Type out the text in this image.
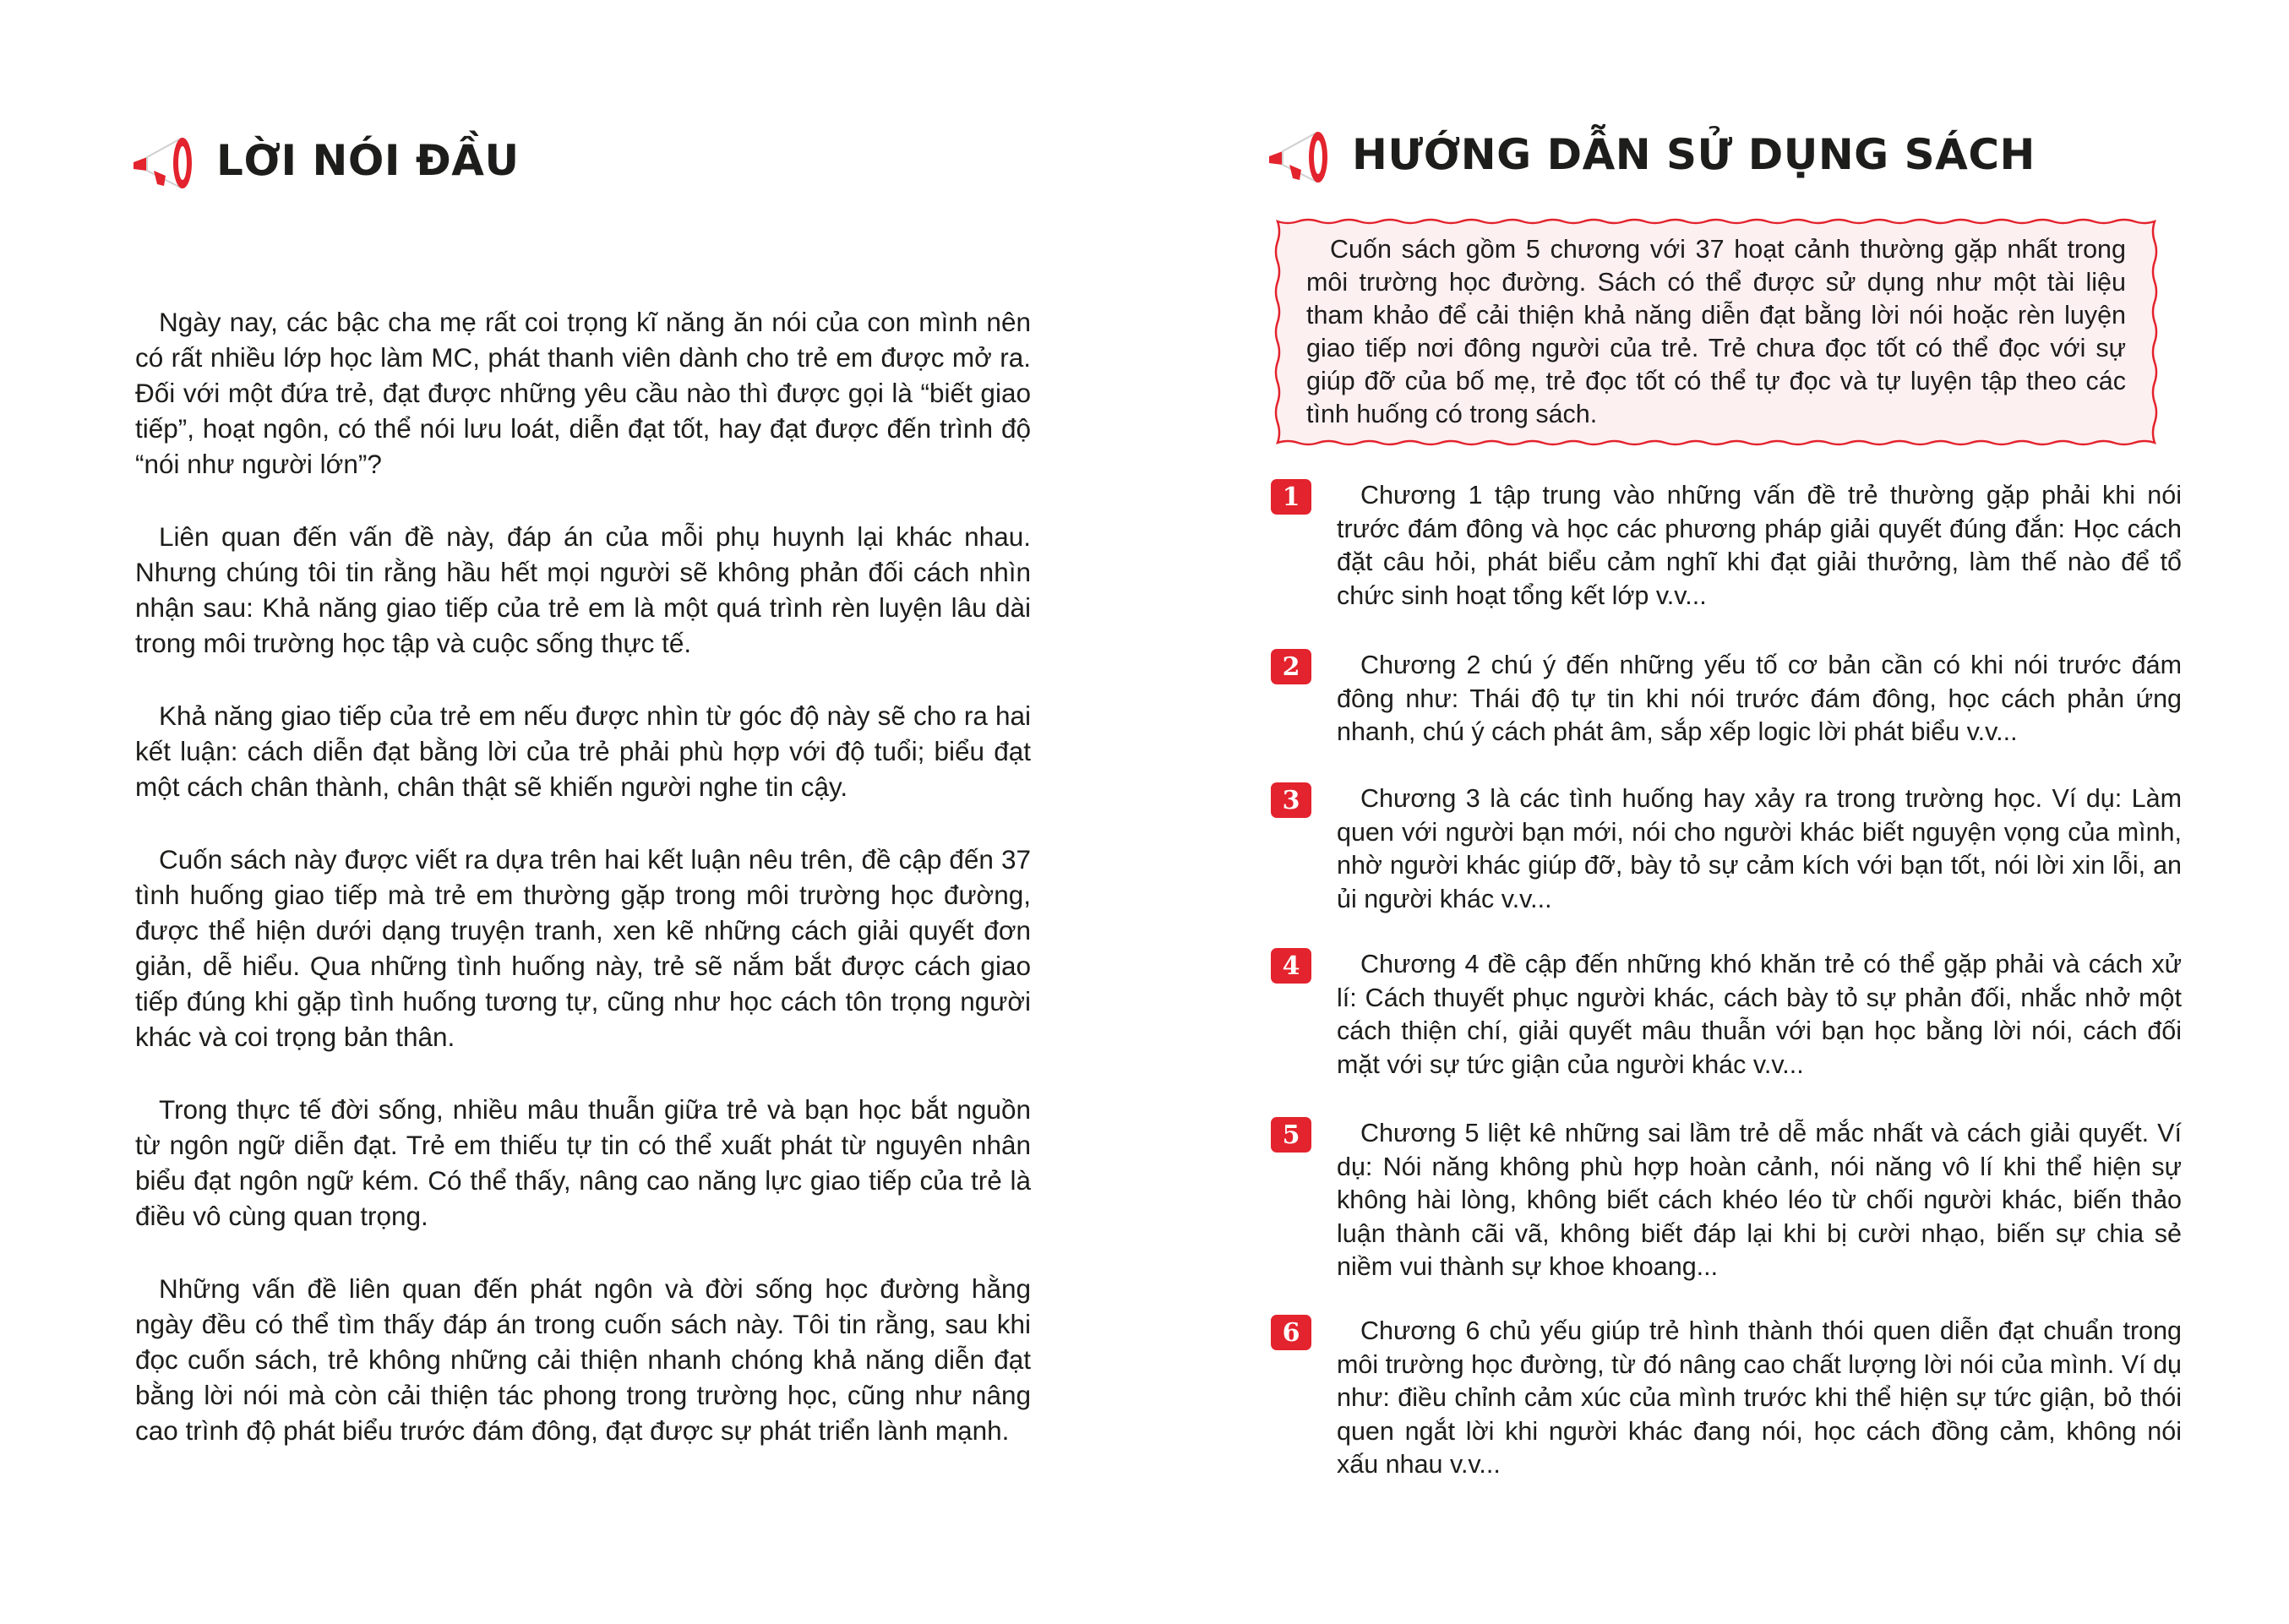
LỜI NÓI ĐẦU

Ngày nay, các bậc cha mẹ rất coi trọng kĩ năng ăn nói của con mình nên có rất nhiều lớp học làm MC, phát thanh viên dành cho trẻ em được mở ra. Đối với một đứa trẻ, đạt được những yêu cầu nào thì được gọi là “biết giao tiếp”, hoạt ngôn, có thể nói lưu loát, diễn đạt tốt, hay đạt được đến trình độ “nói như người lớn”?

Liên quan đến vấn đề này, đáp án của mỗi phụ huynh lại khác nhau. Nhưng chúng tôi tin rằng hầu hết mọi người sẽ không phản đối cách nhìn nhận sau: Khả năng giao tiếp của trẻ em là một quá trình rèn luyện lâu dài trong môi trường học tập và cuộc sống thực tế.

Khả năng giao tiếp của trẻ em nếu được nhìn từ góc độ này sẽ cho ra hai kết luận: cách diễn đạt bằng lời của trẻ phải phù hợp với độ tuổi; biểu đạt một cách chân thành, chân thật sẽ khiến người nghe tin cậy.

Cuốn sách này được viết ra dựa trên hai kết luận nêu trên, đề cập đến 37 tình huống giao tiếp mà trẻ em thường gặp trong môi trường học đường, được thể hiện dưới dạng truyện tranh, xen kẽ những cách giải quyết đơn giản, dễ hiểu. Qua những tình huống này, trẻ sẽ nắm bắt được cách giao tiếp đúng khi gặp tình huống tương tự, cũng như học cách tôn trọng người khác và coi trọng bản thân.

Trong thực tế đời sống, nhiều mâu thuẫn giữa trẻ và bạn học bắt nguồn từ ngôn ngữ diễn đạt. Trẻ em thiếu tự tin có thể xuất phát từ nguyên nhân biểu đạt ngôn ngữ kém. Có thể thấy, nâng cao năng lực giao tiếp của trẻ là điều vô cùng quan trọng.

Những vấn đề liên quan đến phát ngôn và đời sống học đường hằng ngày đều có thể tìm thấy đáp án trong cuốn sách này. Tôi tin rằng, sau khi đọc cuốn sách, trẻ không những cải thiện nhanh chóng khả năng diễn đạt bằng lời nói mà còn cải thiện tác phong trong trường học, cũng như nâng cao trình độ phát biểu trước đám đông, đạt được sự phát triển lành mạnh.

HƯỚNG DẪN SỬ DỤNG SÁCH

Cuốn sách gồm 5 chương với 37 hoạt cảnh thường gặp nhất trong môi trường học đường. Sách có thể được sử dụng như một tài liệu tham khảo để cải thiện khả năng diễn đạt bằng lời nói hoặc rèn luyện giao tiếp nơi đông người của trẻ. Trẻ chưa đọc tốt có thể đọc với sự giúp đỡ của bố mẹ, trẻ đọc tốt có thể tự đọc và tự luyện tập theo các tình huống có trong sách.

1	Chương 1 tập trung vào những vấn đề trẻ thường gặp phải khi nói trước đám đông và học các phương pháp giải quyết đúng đắn: Học cách đặt câu hỏi, phát biểu cảm nghĩ khi đạt giải thưởng, làm thế nào để tổ chức sinh hoạt tổng kết lớp v.v...

2	Chương 2 chú ý đến những yếu tố cơ bản cần có khi nói trước đám đông như: Thái độ tự tin khi nói trước đám đông, học cách phản ứng nhanh, chú ý cách phát âm, sắp xếp logic lời phát biểu v.v...

3	Chương 3 là các tình huống hay xảy ra trong trường học. Ví dụ: Làm quen với người bạn mới, nói cho người khác biết nguyện vọng của mình, nhờ người khác giúp đỡ, bày tỏ sự cảm kích với bạn tốt, nói lời xin lỗi, an ủi người khác v.v...

4	Chương 4 đề cập đến những khó khăn trẻ có thể gặp phải và cách xử lí: Cách thuyết phục người khác, cách bày tỏ sự phản đối, nhắc nhở một cách thiện chí, giải quyết mâu thuẫn với bạn học bằng lời nói, cách đối mặt với sự tức giận của người khác v.v...

5	Chương 5 liệt kê những sai lầm trẻ dễ mắc nhất và cách giải quyết. Ví dụ: Nói năng không phù hợp hoàn cảnh, nói năng vô lí khi thể hiện sự không hài lòng, không biết cách khéo léo từ chối người khác, biến thảo luận thành cãi vã, không biết đáp lại khi bị cười nhạo, biến sự chia sẻ niềm vui thành sự khoe khoang...

6	Chương 6 chủ yếu giúp trẻ hình thành thói quen diễn đạt chuẩn trong môi trường học đường, từ đó nâng cao chất lượng lời nói của mình. Ví dụ như: điều chỉnh cảm xúc của mình trước khi thể hiện sự tức giận, bỏ thói quen ngắt lời khi người khác đang nói, học cách đồng cảm, không nói xấu nhau v.v...
